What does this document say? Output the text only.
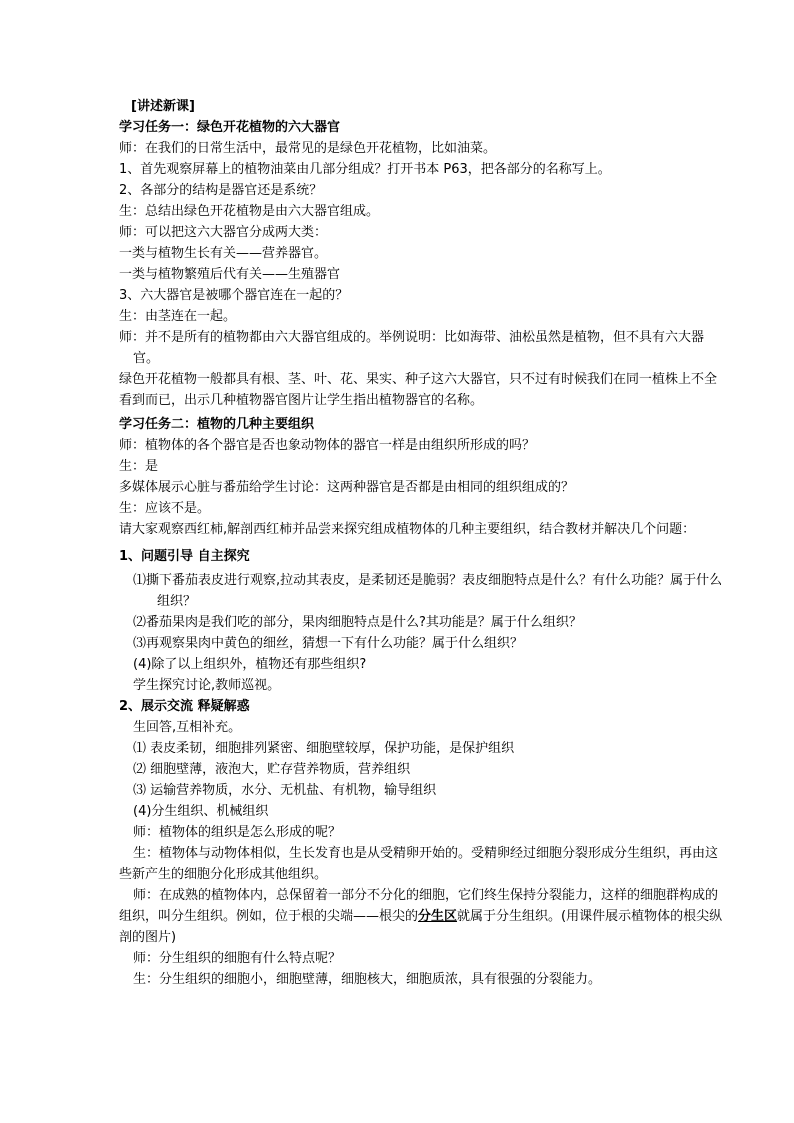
[讲述新课]
学习任务一：绿色开花植物的六大器官
师：在我们的日常生活中，最常见的是绿色开花植物，比如油菜。
1、首先观察屏幕上的植物油菜由几部分组成？打开书本 P63，把各部分的名称写上。
2、各部分的结构是器官还是系统？
生：总结出绿色开花植物是由六大器官组成。
师：可以把这六大器官分成两大类：
一类与植物生长有关——营养器官。
一类与植物繁殖后代有关——生殖器官
3、六大器官是被哪个器官连在一起的？
生：由茎连在一起。
师：并不是所有的植物都由六大器官组成的。举例说明：比如海带、油松虽然是植物，但不具有六大器官。
绿色开花植物一般都具有根、茎、叶、花、果实、种子这六大器官，只不过有时候我们在同一植株上不全看到而已，出示几种植物器官图片让学生指出植物器官的名称。
学习任务二：植物的几种主要组织
师：植物体的各个器官是否也象动物体的器官一样是由组织所形成的吗？
生：是
多媒体展示心脏与番茄给学生讨论：这两种器官是否都是由相同的组织组成的？
生：应该不是。
请大家观察西红柿,解剖西红柿并品尝来探究组成植物体的几种主要组织，结合教材并解决几个问题：
1、问题引导 自主探究
⑴撕下番茄表皮进行观察,拉动其表皮，是柔韧还是脆弱？表皮细胞特点是什么？有什么功能？属于什么组织？
⑵番茄果肉是我们吃的部分，果肉细胞特点是什么?其功能是？属于什么组织？
⑶再观察果肉中黄色的细丝，猜想一下有什么功能？属于什么组织？
(4)除了以上组织外，植物还有那些组织?
学生探究讨论,教师巡视。
2、展示交流 释疑解惑
生回答,互相补充。
⑴ 表皮柔韧，细胞排列紧密、细胞壁较厚，保护功能，是保护组织
⑵ 细胞壁薄，液泡大，贮存营养物质，营养组织
⑶ 运输营养物质，水分、无机盐、有机物，输导组织
(4)分生组织、机械组织
师：植物体的组织是怎么形成的呢？
生：植物体与动物体相似，生长发育也是从受精卵开始的。受精卵经过细胞分裂形成分生组织，再由这些新产生的细胞分化形成其他组织。
师：在成熟的植物体内，总保留着一部分不分化的细胞，它们终生保持分裂能力，这样的细胞群构成的组织，叫分生组织。例如，位于根的尖端——根尖的分生区就属于分生组织。(用课件展示植物体的根尖纵剖的图片)
师：分生组织的细胞有什么特点呢？
生：分生组织的细胞小，细胞壁薄，细胞核大，细胞质浓，具有很强的分裂能力。
